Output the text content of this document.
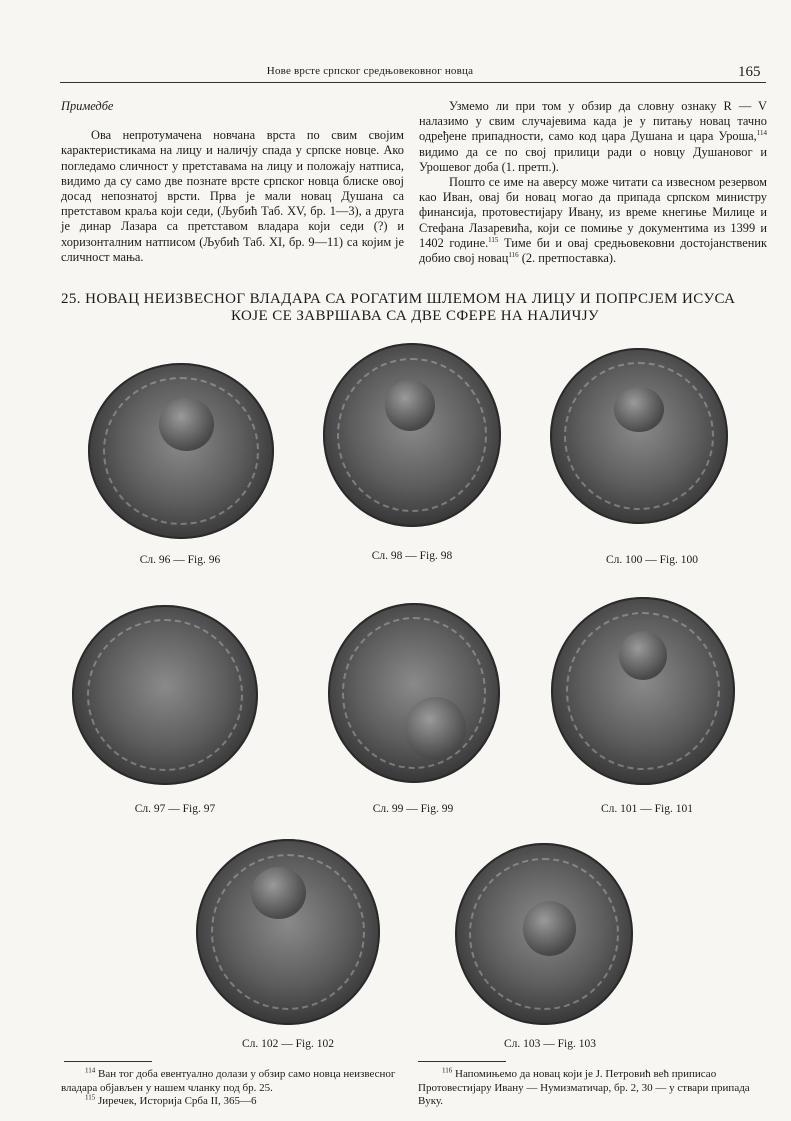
Нове врсте српског средњовековног новца	165
Примедбе

Ова непротумачена новчана врста по свим својим карактеристикама на лицу и наличју спада у српске новце. Ако погледамо сличност у претставама на лицу и положају натписа, видимо да су само две познате врсте српског новца блиске овој досад непознатој врсти. Прва је мали новац Душана са претставом краља који седи, (Љубић Таб. XV, бр. 1—3), а друга је динар Лазара са претставом владара који седи (?) и хоризонталним натписом (Љубић Таб. XI, бр. 9—11) са којим је сличност мања.

Узмемо ли при том у обзир да словну ознаку R — V налазимо у свим случајевима када је у питању новац тачно одређене припадности, само код цара Душана и цара Уроша,$^{114}$ видимо да се по свој прилици ради о новцу Душановог и Урошевог доба (1. претп.).

Пошто се име на аверсу може читати са извесном резервом као Иван, овај би новац могао да припада српском министру финансија, протовестијару Ивану, из време кнегиње Милице и Стефана Лазаревића, који се помиње у документима из 1399 и 1402 године.$^{115}$ Тиме би и овај средњовековни достојанственик добио свој новац$^{116}$ (2. претпоставка).

25. НОВАЦ НЕИЗВЕСНОГ ВЛАДАРА СА РОГАТИМ ШЛЕМОМ НА ЛИЦУ И ПОПРСЈЕМ ИСУСА
КОЈЕ СЕ ЗАВРШАВА СА ДВЕ СФЕРЕ НА НАЛИЧЈУ
Сл. 96 — Fig. 96	Сл. 98 — Fig. 98	Сл. 100 — Fig. 100
Сл. 97 — Fig. 97	Сл. 99 — Fig. 99	Сл. 101 — Fig. 101
Сл. 102 — Fig. 102	Сл. 103 — Fig. 103
$^{114}$ Ван тог доба евентуално долази у обзир само новца неизвесног владара објављен у нашем чланку под бр. 25.
$^{115}$ Јиречек, Историја Срба II, 365—6
$^{116}$ Напомињемо да новац који је Ј. Петровић већ приписао Протовестијару Ивану — Нумизматичар, бр. 2, 30 — у ствари припада Вуку.
